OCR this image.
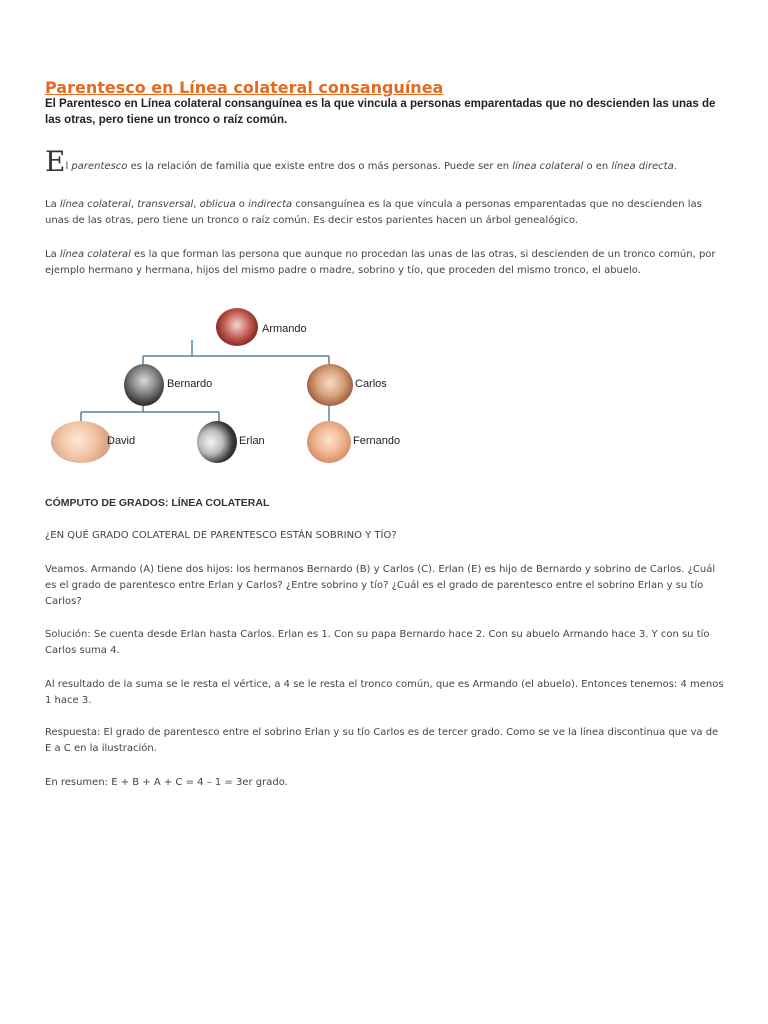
Parentesco en Línea colateral consanguínea

El Parentesco en Línea colateral consanguínea es la que vincula a personas emparentadas que no descienden las unas de las otras, pero tiene un tronco o raíz común.

El parentesco es la relación de familia que existe entre dos o más personas. Puede ser en línea colateral o en línea directa.

La línea colateral, transversal, oblicua o indirecta consanguínea es la que vincula a personas emparentadas que no descienden las unas de las otras, pero tiene un tronco o raíz común. Es decir estos parientes hacen un árbol genealógico.

La línea colateral es la que forman las persona que aunque no procedan las unas de las otras, si descienden de un tronco común, por ejemplo hermano y hermana, hijos del mismo padre o madre, sobrino y tío, que proceden del mismo tronco, el abuelo.

CÓMPUTO DE GRADOS: LÍNEA COLATERAL

¿EN QUÉ GRADO COLATERAL DE PARENTESCO ESTÁN SOBRINO Y TÍO?

Veamos. Armando (A) tiene dos hijos: los hermanos Bernardo (B) y Carlos (C). Erlan (E) es hijo de Bernardo y sobrino de Carlos. ¿Cuál es el grado de parentesco entre Erlan y Carlos? ¿Entre sobrino y tío? ¿Cuál es el grado de parentesco entre el sobrino Erlan y su tío Carlos?

Solución: Se cuenta desde Erlan hasta Carlos. Erlan es 1. Con su papa Bernardo hace 2. Con su abuelo Armando hace 3. Y con su tío Carlos suma 4.

Al resultado de la suma se le resta el vértice, a 4 se le resta el tronco común, que es Armando (el abuelo). Entonces tenemos: 4 menos 1 hace 3.

Respuesta: El grado de parentesco entre el sobrino Erlan y su tío Carlos es de tercer grado. Como se ve la línea discontinua que va de E a C en la ilustración.

En resumen: E + B + A + C = 4 – 1 = 3er grado.

Armando
Bernardo	Carlos
David	Erlan	Fernando
